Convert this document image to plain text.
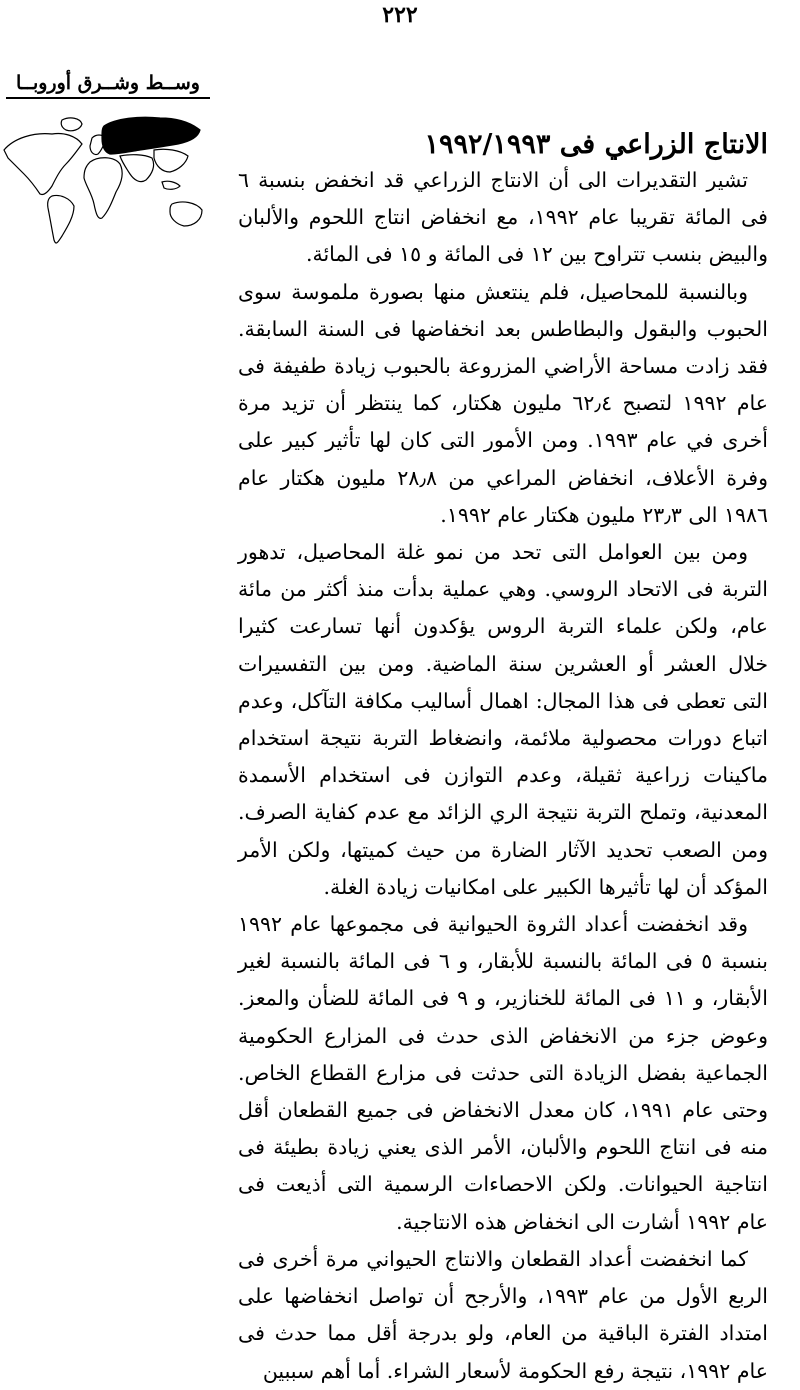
٢٢٢
وســط وشــرق أوروبــا
الانتاج الزراعي فى ١٩٩٢/١٩٩٣

تشير التقديرات الى أن الانتاج الزراعي قد انخفض بنسبة ٦ فى المائة تقريبا عام ١٩٩٢، مع انخفاض انتاج اللحوم والألبان والبيض بنسب تتراوح بين ١٢ فى المائة و ١٥ فى المائة.

وبالنسبة للمحاصيل، فلم ينتعش منها بصورة ملموسة سوى الحبوب والبقول والبطاطس بعد انخفاضها فى السنة السابقة. فقد زادت مساحة الأراضي المزروعة بالحبوب زيادة طفيفة فى عام ١٩٩٢ لتصبح ٦٢٫٤ مليون هكتار، كما ينتظر أن تزيد مرة أخرى في عام ١٩٩٣. ومن الأمور التى كان لها تأثير كبير على وفرة الأعلاف، انخفاض المراعي من ٢٨٫٨ مليون هكتار عام ١٩٨٦ الى ٢٣٫٣ مليون هكتار عام ١٩٩٢.

ومن بين العوامل التى تحد من نمو غلة المحاصيل، تدهور التربة فى الاتحاد الروسي. وهي عملية بدأت منذ أكثر من مائة عام، ولكن علماء التربة الروس يؤكدون أنها تسارعت كثيرا خلال العشر أو العشرين سنة الماضية. ومن بين التفسيرات التى تعطى فى هذا المجال: اهمال أساليب مكافة التآكل، وعدم اتباع دورات محصولية ملائمة، وانضغاط التربة نتيجة استخدام ماكينات زراعية ثقيلة، وعدم التوازن فى استخدام الأسمدة المعدنية، وتملح التربة نتيجة الري الزائد مع عدم كفاية الصرف. ومن الصعب تحديد الآثار الضارة من حيث كميتها، ولكن الأمر المؤكد أن لها تأثيرها الكبير على امكانيات زيادة الغلة.

وقد انخفضت أعداد الثروة الحيوانية فى مجموعها عام ١٩٩٢ بنسبة ٥ فى المائة بالنسبة للأبقار، و ٦ فى المائة بالنسبة لغير الأبقار، و ١١ فى المائة للخنازير، و ٩ فى المائة للضأن والمعز. وعوض جزء من الانخفاض الذى حدث فى المزارع الحكومية الجماعية بفضل الزيادة التى حدثت فى مزارع القطاع الخاص. وحتى عام ١٩٩١، كان معدل الانخفاض فى جميع القطعان أقل منه فى انتاج اللحوم والألبان، الأمر الذى يعني زيادة بطيئة فى انتاجية الحيوانات. ولكن الاحصاءات الرسمية التى أذيعت فى عام ١٩٩٢ أشارت الى انخفاض هذه الانتاجية.

كما انخفضت أعداد القطعان والانتاج الحيواني مرة أخرى فى الربع الأول من عام ١٩٩٣، والأرجح أن تواصل انخفاضها على امتداد الفترة الباقية من العام، ولو بدرجة أقل مما حدث فى عام ١٩٩٢، نتيجة رفع الحكومة لأسعار الشراء. أما أهم سببين
